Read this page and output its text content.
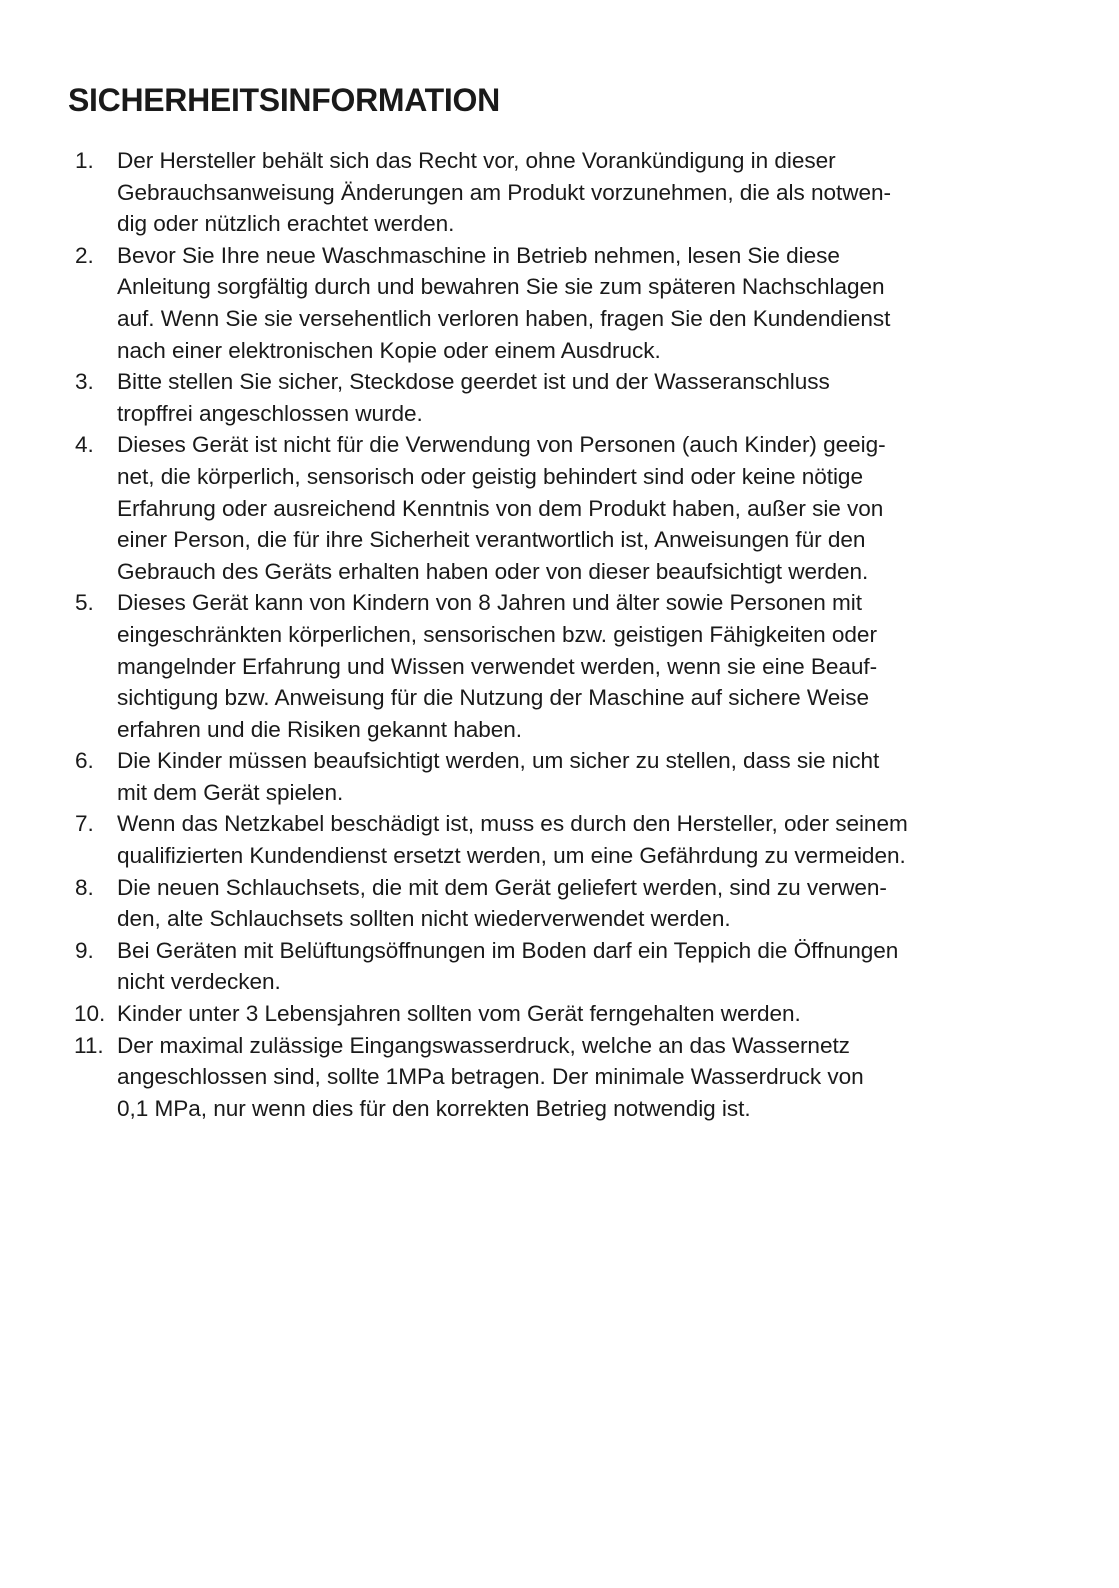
SICHERHEITSINFORMATION
1. Der Hersteller behält sich das Recht vor, ohne Vorankündigung in dieser
Gebrauchsanweisung Änderungen am Produkt vorzunehmen, die als notwen-
dig oder nützlich erachtet werden.
2. Bevor Sie Ihre neue Waschmaschine in Betrieb nehmen, lesen Sie diese
Anleitung sorgfältig durch und bewahren Sie sie zum späteren Nachschlagen
auf. Wenn Sie sie versehentlich verloren haben, fragen Sie den Kundendienst
nach einer elektronischen Kopie oder einem Ausdruck.
3. Bitte stellen Sie sicher, Steckdose geerdet ist und der Wasseranschluss
tropffrei angeschlossen wurde.
4. Dieses Gerät ist nicht für die Verwendung von Personen (auch Kinder) geeig-
net, die körperlich, sensorisch oder geistig behindert sind oder keine nötige
Erfahrung oder ausreichend Kenntnis von dem Produkt haben, außer sie von
einer Person, die für ihre Sicherheit verantwortlich ist, Anweisungen für den
Gebrauch des Geräts erhalten haben oder von dieser beaufsichtigt werden.
5. Dieses Gerät kann von Kindern von 8 Jahren und älter sowie Personen mit
eingeschränkten körperlichen, sensorischen bzw. geistigen Fähigkeiten oder
mangelnder Erfahrung und Wissen verwendet werden, wenn sie eine Beauf-
sichtigung bzw. Anweisung für die Nutzung der Maschine auf sichere Weise
erfahren und die Risiken gekannt haben.
6. Die Kinder müssen beaufsichtigt werden, um sicher zu stellen, dass sie nicht
mit dem Gerät spielen.
7. Wenn das Netzkabel beschädigt ist, muss es durch den Hersteller, oder seinem
qualifizierten Kundendienst ersetzt werden, um eine Gefährdung zu vermeiden.
8. Die neuen Schlauchsets, die mit dem Gerät geliefert werden, sind zu verwen-
den, alte Schlauchsets sollten nicht wiederverwendet werden.
9. Bei Geräten mit Belüftungsöffnungen im Boden darf ein Teppich die Öffnungen
nicht verdecken.
10. Kinder unter 3 Lebensjahren sollten vom Gerät ferngehalten werden.
11. Der maximal zulässige Eingangswasserdruck, welche an das Wassernetz
angeschlossen sind, sollte 1MPa betragen. Der minimale Wasserdruck von
0,1 MPa, nur wenn dies für den korrekten Betrieg notwendig ist.
